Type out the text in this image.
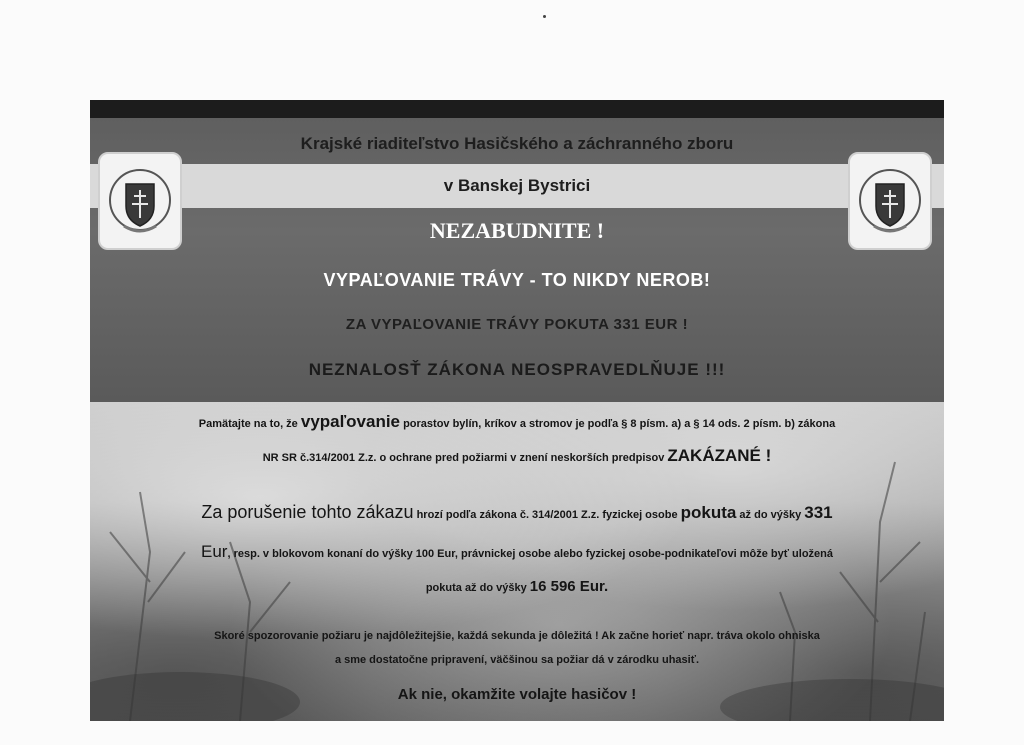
Krajské riaditeľstvo Hasičského a záchranného zboru
v Banskej Bystrici
NEZABUDNITE !
VYPAĽOVANIE TRÁVY - TO NIKDY NEROB!
ZA VYPAĽOVANIE TRÁVY POKUTA 331 EUR !
NEZNALOSŤ ZÁKONA NEOSPRAVEDLŇUJE !!!
Pamätajte na to, že vypaľovanie porastov bylín, kríkov a stromov je podľa § 8 písm. a) a § 14 ods. 2 písm. b) zákona
NR SR č.314/2001 Z.z. o ochrane pred požiarmi v znení neskorších predpisov ZAKÁZANÉ !
Za porušenie tohto zákazu hrozí podľa zákona č. 314/2001 Z.z. fyzickej osobe pokuta až do výšky 331
Eur, resp. v blokovom konaní do výšky 100 Eur, právnickej osobe alebo fyzickej osobe-podnikateľovi môže byť uložená
pokuta až do výšky 16 596 Eur.
Skoré spozorovanie požiaru je najdôležitejšie, každá sekunda je dôležitá ! Ak začne horieť napr. tráva okolo ohniska
a sme dostatočne pripravení, väčšinou sa požiar dá v zárodku uhasiť.
Ak nie, okamžite volajte hasičov !
